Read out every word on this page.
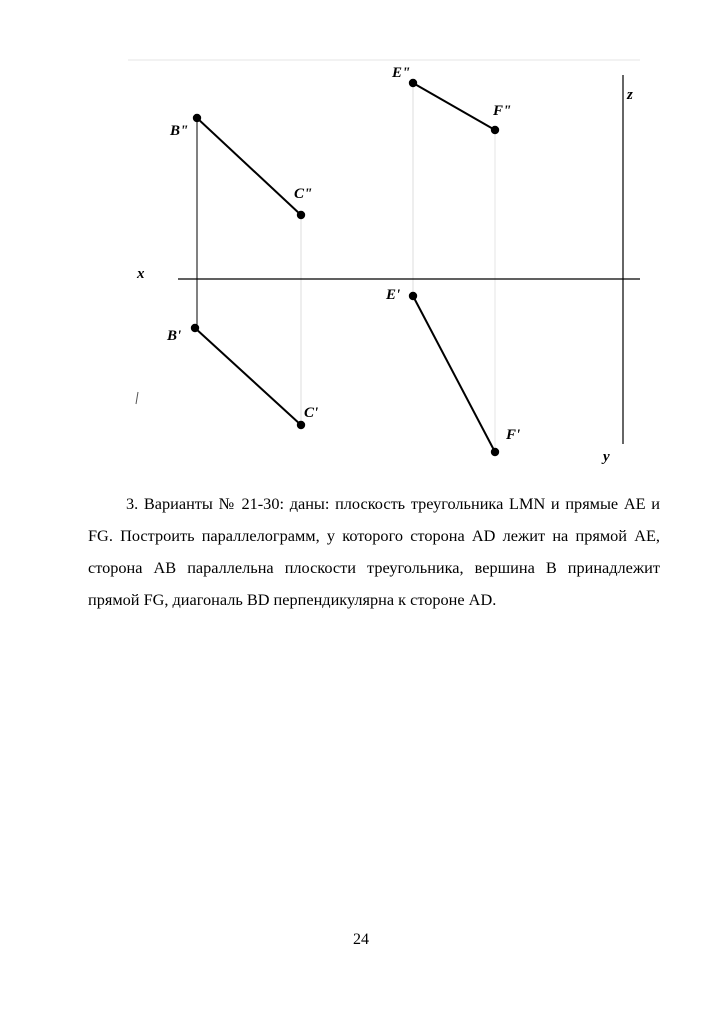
B"
C"
E"
F"
B'
C'
E'
F'
x
z
y

3. Варианты № 21-30: даны: плоскость треугольника LMN и прямые AE и FG. Построить параллелограмм, у которого сторона AD лежит на прямой AE, сторона AB параллельна плоскости треугольника, вершина B принадлежит прямой FG, диагональ BD перпендикулярна к стороне AD.

24
